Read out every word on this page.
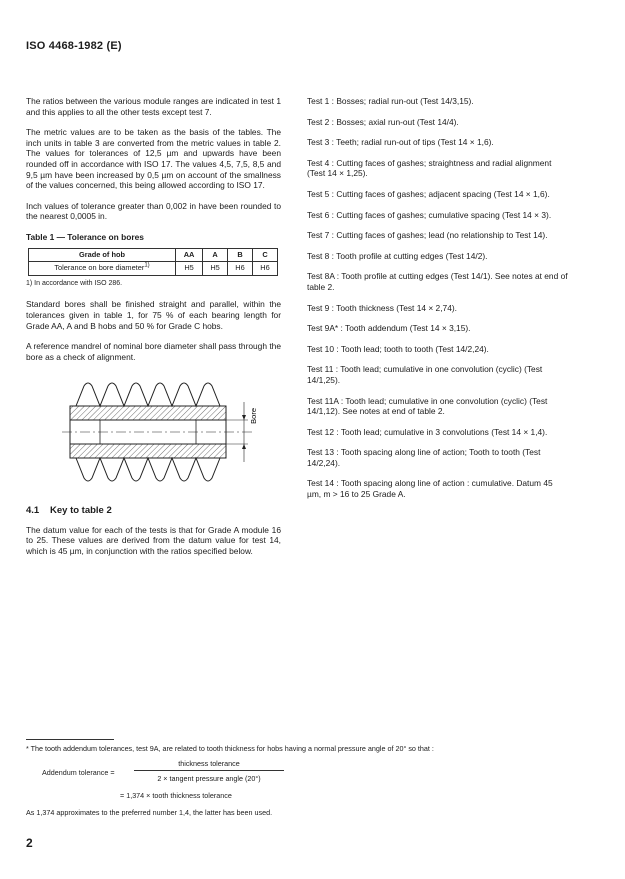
ISO 4468-1982 (E)

The ratios between the various module ranges are indicated in test 1 and this applies to all the other tests except test 7.

The metric values are to be taken as the basis of the tables. The inch units in table 3 are converted from the metric values in table 2. The values for tolerances of 12,5 µm and upwards have been rounded off in accordance with ISO 17. The values 4,5, 7,5, 8,5 and 9,5 µm have been increased by 0,5 µm on account of the smallness of the values concerned, this being allowed according to ISO 17.

Inch values of tolerance greater than 0,002 in have been rounded to the nearest 0,0005 in.

Table 1 — Tolerance on bores

Grade of hob	AA	A	B	C
Tolerance on bore diameter$^{1)}$	H5	H5	H6	H6

1) In accordance with ISO 286.

Standard bores shall be finished straight and parallel, within the tolerances given in table 1, for 75 % of each bearing length for Grade AA, A and B hobs and 50 % for Grade C hobs.

A reference mandrel of nominal bore diameter shall pass through the bore as a check of alignment.

Bore

4.1 Key to table 2

The datum value for each of the tests is that for Grade A module 16 to 25. These values are derived from the datum value for test 14, which is 45 µm, in conjunction with the ratios specified below.

Test 1 : Bosses; radial run-out (Test 14/3,15).

Test 2 : Bosses; axial run-out (Test 14/4).

Test 3 : Teeth; radial run-out of tips (Test 14 × 1,6).

Test 4 : Cutting faces of gashes; straightness and radial alignment (Test 14 × 1,25).

Test 5 : Cutting faces of gashes; adjacent spacing (Test 14 × 1,6).

Test 6 : Cutting faces of gashes; cumulative spacing (Test 14 × 3).

Test 7 : Cutting faces of gashes; lead (no relationship to Test 14).

Test 8 : Tooth profile at cutting edges (Test 14/2).

Test 8A : Tooth profile at cutting edges (Test 14/1). See notes at end of table 2.

Test 9 : Tooth thickness (Test 14 × 2,74).

Test 9A* : Tooth addendum (Test 14 × 3,15).

Test 10 : Tooth lead; tooth to tooth (Test 14/2,24).

Test 11 : Tooth lead; cumulative in one convolution (cyclic) (Test 14/1,25).

Test 11A : Tooth lead; cumulative in one convolution (cyclic) (Test 14/1,12). See notes at end of table 2.

Test 12 : Tooth lead; cumulative in 3 convolutions (Test 14 × 1,4).

Test 13 : Tooth spacing along line of action; Tooth to tooth (Test 14/2,24).

Test 14 : Tooth spacing along line of action : cumulative. Datum 45 µm, m > 16 to 25 Grade A.

* The tooth addendum tolerances, test 9A, are related to tooth thickness for hobs having a normal pressure angle of 20° so that :

Addendum tolerance =
thickness tolerance
2 × tangent pressure angle (20°)
= 1,374 × tooth thickness tolerance
As 1,374 approximates to the preferred number 1,4, the latter has been used.
2
